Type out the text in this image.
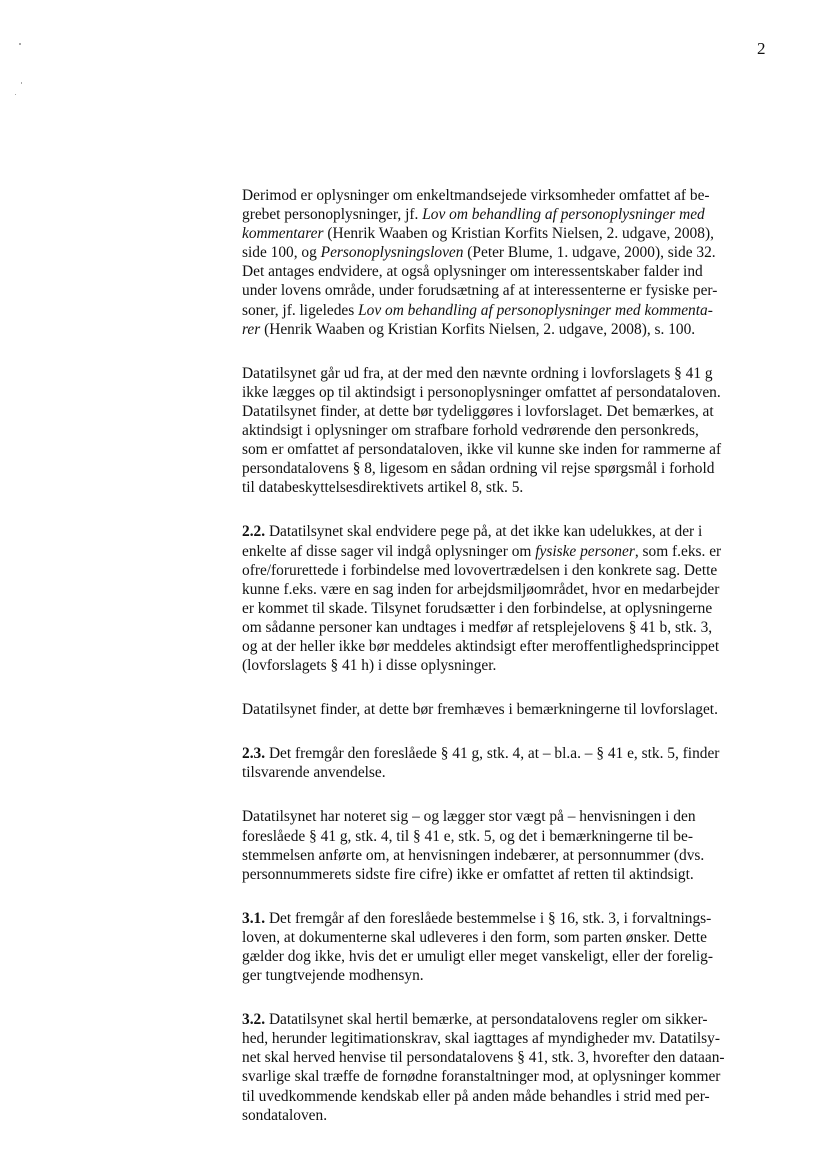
2

Derimod er oplysninger om enkeltmandsejede virksomheder omfattet af be-
grebet personoplysninger, jf. Lov om behandling af personoplysninger med
kommentarer (Henrik Waaben og Kristian Korfits Nielsen, 2. udgave, 2008),
side 100, og Personoplysningsloven (Peter Blume, 1. udgave, 2000), side 32.
Det antages endvidere, at også oplysninger om interessentskaber falder ind
under lovens område, under forudsætning af at interessenterne er fysiske per-
soner, jf. ligeledes Lov om behandling af personoplysninger med kommenta-
rer (Henrik Waaben og Kristian Korfits Nielsen, 2. udgave, 2008), s. 100.

Datatilsynet går ud fra, at der med den nævnte ordning i lovforslagets § 41 g
ikke lægges op til aktindsigt i personoplysninger omfattet af persondataloven.
Datatilsynet finder, at dette bør tydeliggøres i lovforslaget. Det bemærkes, at
aktindsigt i oplysninger om strafbare forhold vedrørende den personkreds,
som er omfattet af persondataloven, ikke vil kunne ske inden for rammerne af
persondatalovens § 8, ligesom en sådan ordning vil rejse spørgsmål i forhold
til databeskyttelsesdirektivets artikel 8, stk. 5.

2.2. Datatilsynet skal endvidere pege på, at det ikke kan udelukkes, at der i
enkelte af disse sager vil indgå oplysninger om fysiske personer, som f.eks. er
ofre/forurettede i forbindelse med lovovertrædelsen i den konkrete sag. Dette
kunne f.eks. være en sag inden for arbejdsmiljøområdet, hvor en medarbejder
er kommet til skade. Tilsynet forudsætter i den forbindelse, at oplysningerne
om sådanne personer kan undtages i medfør af retsplejelovens § 41 b, stk. 3,
og at der heller ikke bør meddeles aktindsigt efter meroffentlighedsprincippet
(lovforslagets § 41 h) i disse oplysninger.

Datatilsynet finder, at dette bør fremhæves i bemærkningerne til lovforslaget.

2.3. Det fremgår den foreslåede § 41 g, stk. 4, at – bl.a. – § 41 e, stk. 5, finder
tilsvarende anvendelse.

Datatilsynet har noteret sig – og lægger stor vægt på – henvisningen i den
foreslåede § 41 g, stk. 4, til § 41 e, stk. 5, og det i bemærkningerne til be-
stemmelsen anførte om, at henvisningen indebærer, at personnummer (dvs.
personnummerets sidste fire cifre) ikke er omfattet af retten til aktindsigt.

3.1. Det fremgår af den foreslåede bestemmelse i § 16, stk. 3, i forvaltnings-
loven, at dokumenterne skal udleveres i den form, som parten ønsker. Dette
gælder dog ikke, hvis det er umuligt eller meget vanskeligt, eller der forelig-
ger tungtvejende modhensyn.

3.2. Datatilsynet skal hertil bemærke, at persondatalovens regler om sikker-
hed, herunder legitimationskrav, skal iagttages af myndigheder mv. Datatilsy-
net skal herved henvise til persondatalovens § 41, stk. 3, hvorefter den dataan-
svarlige skal træffe de fornødne foranstaltninger mod, at oplysninger kommer
til uvedkommende kendskab eller på anden måde behandles i strid med per-
sondataloven.
